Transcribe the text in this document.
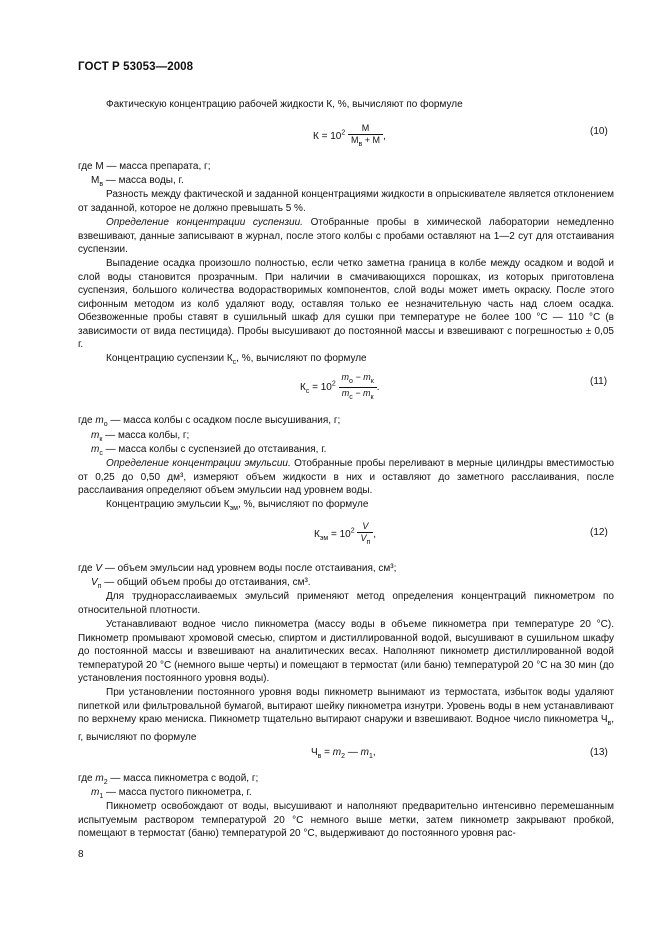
ГОСТ Р 53053—2008
Фактическую концентрацию рабочей жидкости К, %, вычисляют по формуле
$К = 10^2 \frac{М}{М_в + М}$ ,	(10)
где М — масса препарата, г;
$М_в$ — масса воды, г.
Разность между фактической и заданной концентрациями жидкости в опрыскивателе является отклонением от заданной, которое не должно превышать 5 %.
Определение концентрации суспензии. Отобранные пробы в химической лаборатории немедленно взвешивают, данные записывают в журнал, после этого колбы с пробами оставляют на 1—2 сут для отстаивания суспензии.
Выпадение осадка произошло полностью, если четко заметна граница в колбе между осадком и водой и слой воды становится прозрачным. При наличии в смачивающихся порошках, из которых приготовлена суспензия, большого количества водорастворимых компонентов, слой воды может иметь окраску. После этого сифонным методом из колб удаляют воду, оставляя только ее незначительную часть над слоем осадка. Обезвоженные пробы ставят в сушильный шкаф для сушки при температуре не более 100 °С — 110 °С (в зависимости от вида пестицида). Пробы высушивают до постоянной массы и взвешивают с погрешностью ± 0,05 г.
Концентрацию суспензии $К_с$, %, вычисляют по формуле
$К_с = 10^2 \frac{m_о - m_к}{m_с - m_к}$ .
(11)
где $m_о$ — масса колбы с осадком после высушивания, г;
$m_к$ — масса колбы, г;
$m_с$ — масса колбы с суспензией до отстаивания, г.
Определение концентрации эмульсии. Отобранные пробы переливают в мерные цилиндры вместимостью от 0,25 до 0,50 дм³, измеряют объем жидкости в них и оставляют до заметного расслаивания, после расслаивания определяют объем эмульсии над уровнем воды.
Концентрацию эмульсии $К_{эм}$, %, вычисляют по формуле
$К_{эм} = 10^2 \frac{V}{V_п}$ ,	(12)
где V — объем эмульсии над уровнем воды после отстаивания, см³;
$V_п$ — общий объем пробы до отстаивания, см³.
Для труднорасслаиваемых эмульсий применяют метод определения концентраций пикнометром по относительной плотности.
Устанавливают водное число пикнометра (массу воды в объеме пикнометра при температуре 20 °С). Пикнометр промывают хромовой смесью, спиртом и дистиллированной водой, высушивают в сушильном шкафу до постоянной массы и взвешивают на аналитических весах. Наполняют пикнометр дистиллированной водой температурой 20 °С (немного выше черты) и помещают в термостат (или баню) температурой 20 °С на 30 мин (до установления постоянного уровня воды).
При установлении постоянного уровня воды пикнометр вынимают из термостата, избыток воды удаляют пипеткой или фильтровальной бумагой, вытирают шейку пикнометра изнутри. Уровень воды в нем устанавливают по верхнему краю мениска. Пикнометр тщательно вытирают снаружи и взвешивают. Водное число пикнометра $Ч_в$, г, вычисляют по формуле
$Ч_в = m_2$ — $m_1$,	(13)
где $m_2$ — масса пикнометра с водой, г;
$m_1$ — масса пустого пикнометра, г.
Пикнометр освобождают от воды, высушивают и наполняют предварительно интенсивно перемешанным испытуемым раствором температурой 20 °С немного выше метки, затем пикнометр закрывают пробкой, помещают в термостат (баню) температурой 20 °С, выдерживают до постоянного уровня рас-
8
